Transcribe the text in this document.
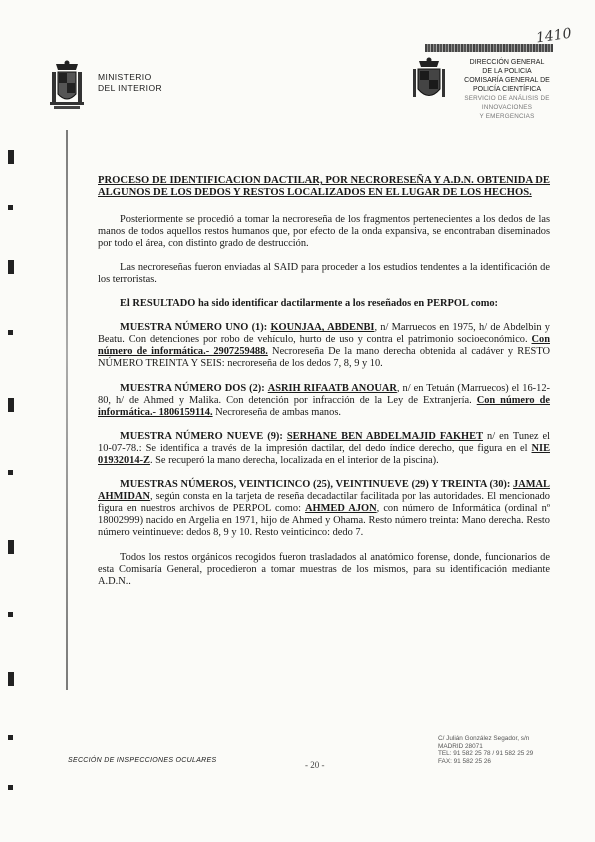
MINISTERIO
DEL INTERIOR
1410
DIRECCIÓN GENERAL
DE LA POLICIA
COMISARÍA GENERAL DE
POLICÍA CIENTÍFICA
SERVICIO DE ANÁLISIS DE
INNOVACIONES
Y EMERGENCIAS
PROCESO DE IDENTIFICACION DACTILAR, POR NECRORESEÑA Y A.D.N. OBTENIDA DE ALGUNOS DE LOS DEDOS Y RESTOS LOCALIZADOS EN EL LUGAR DE LOS HECHOS.

Posteriormente se procedió a tomar la necroreseña de los fragmentos pertenecientes a los dedos de las manos de todos aquellos restos humanos que, por efecto de la onda expansiva, se encontraban diseminados por todo el área, con distinto grado de destrucción.

Las necroreseñas fueron enviadas al SAID para proceder a los estudios tendentes a la identificación de los terroristas.

El RESULTADO ha sido identificar dactilarmente a los reseñados en PERPOL como:

MUESTRA NÚMERO UNO (1): KOUNJAA, ABDENBI, n/ Marruecos en 1975, h/ de Abdelbin y Beatu. Con detenciones por robo de vehículo, hurto de uso y contra el patrimonio socioeconómico. Con número de informática.- 2907259488. Necroreseña De la mano derecha obtenida al cadáver y RESTO NÚMERO TREINTA Y SEIS: necroreseña de los dedos 7, 8, 9 y 10.

MUESTRA NÚMERO DOS (2): ASRIH RIFAATB ANOUAR, n/ en Tetuán (Marruecos) el 16-12-80, h/ de Ahmed y Malika. Con detención por infracción de la Ley de Extranjería. Con número de informática.- 1806159114. Necroreseña de ambas manos.

MUESTRA NÚMERO NUEVE (9): SERHANE BEN ABDELMAJID FAKHET n/ en Tunez el 10-07-78.: Se identifica a través de la impresión dactilar, del dedo índice derecho, que figura en el NIE 01932014-Z. Se recuperó la mano derecha, localizada en el interior de la piscina).

MUESTRAS NÚMEROS, VEINTICINCO (25), VEINTINUEVE (29) Y TREINTA (30): JAMAL AHMIDAN, según consta en la tarjeta de reseña decadactilar facilitada por las autoridades. El mencionado figura en nuestros archivos de PERPOL como: AHMED AJON, con número de Informática (ordinal nº 18002999) nacido en Argelia en 1971, hijo de Ahmed y Ohama. Resto número treinta: Mano derecha. Resto número veintinueve: dedos 8, 9 y 10. Resto veinticinco: dedo 7.

Todos los restos orgánicos recogidos fueron trasladados al anatómico forense, donde, funcionarios de esta Comisaría General, procedieron a tomar muestras de los mismos, para su identificación mediante A.D.N..

SECCIÓN DE INSPECCIONES OCULARES	- 20 -
C/ Julián González Segador, s/n
MADRID 28071
TEL: 91 582 25 78 / 91 582 25 29
FAX: 91 582 25 26
